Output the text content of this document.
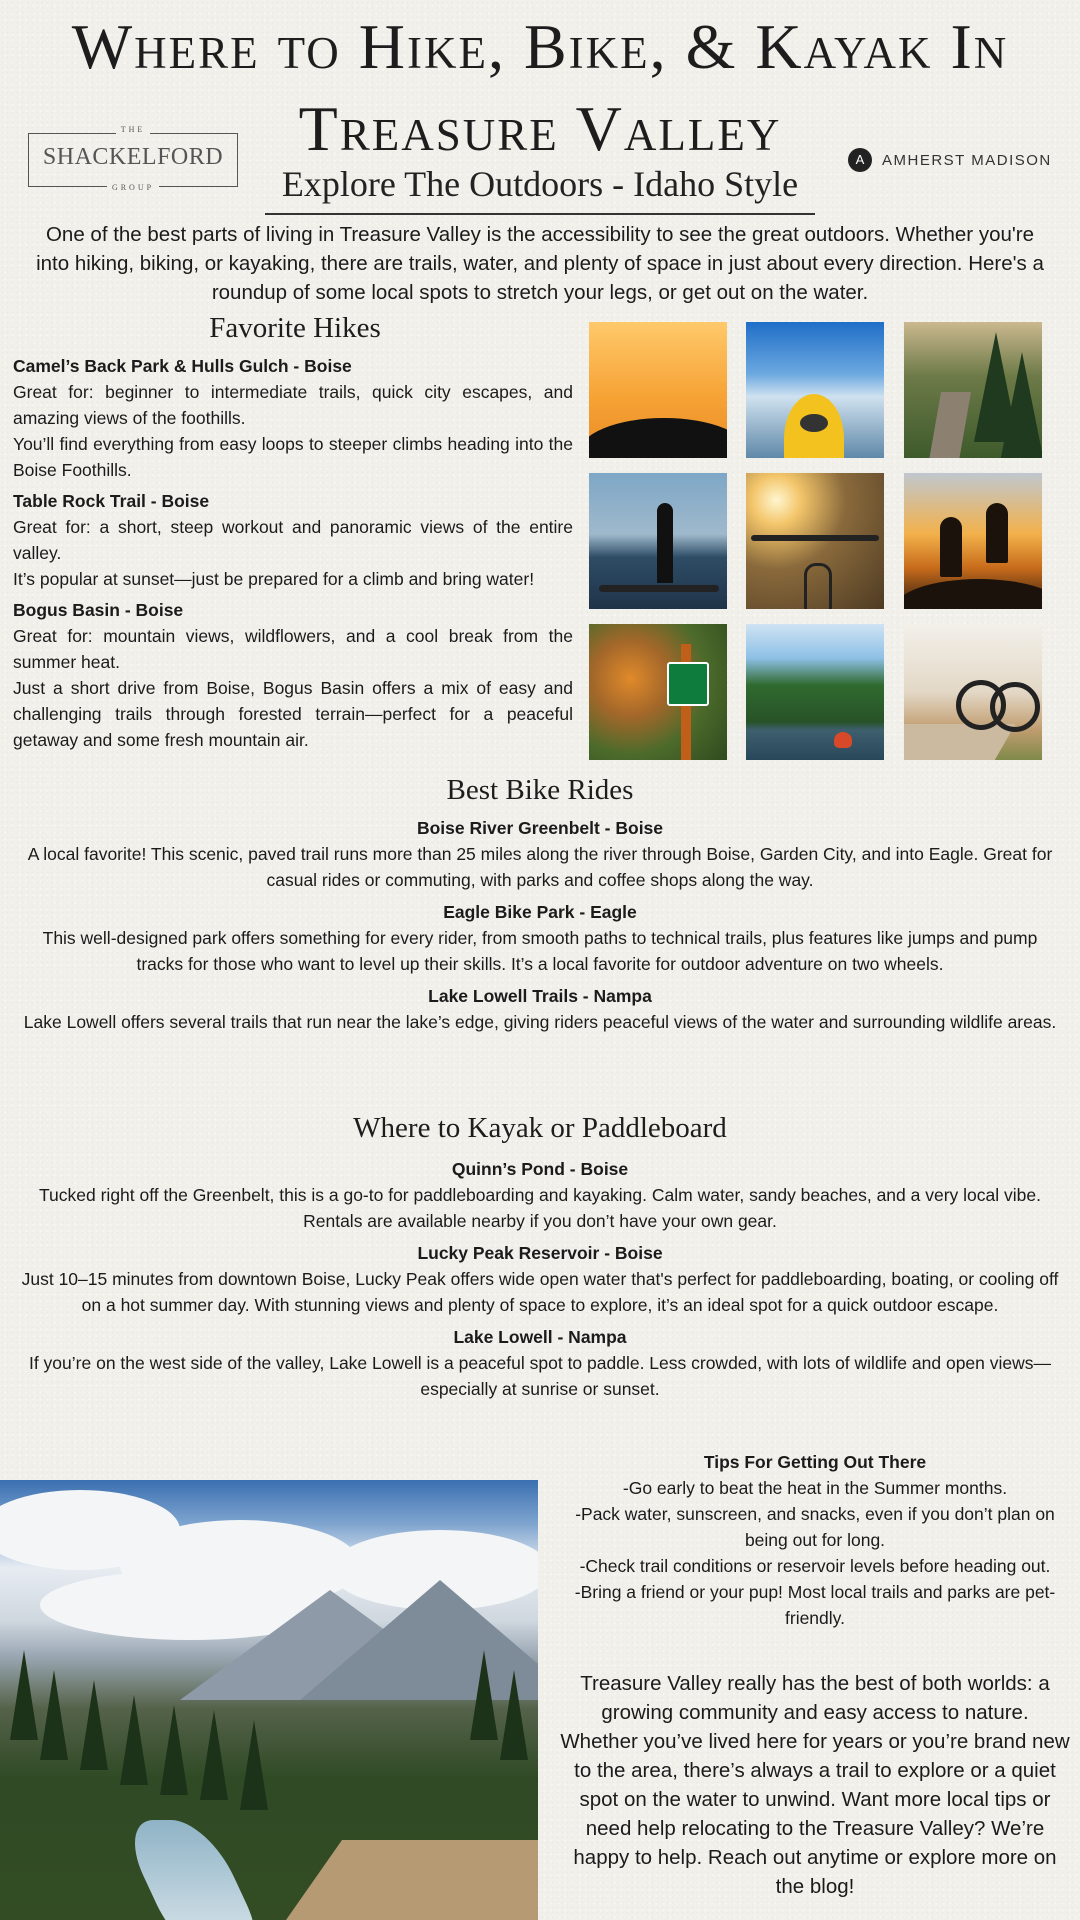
Where to Hike, Bike, & Kayak In Treasure Valley
THE
SHACKELFORD
GROUP
A	AMHERST MADISON
Explore The Outdoors - Idaho Style
One of the best parts of living in Treasure Valley is the accessibility to see the great outdoors. Whether you're into hiking, biking, or kayaking, there are trails, water, and plenty of space in just about every direction. Here's a roundup of some local spots to stretch your legs, or get out on the water.
Favorite Hikes
Camel’s Back Park & Hulls Gulch - Boise

Great for: beginner to intermediate trails, quick city escapes, and amazing views of the foothills.

You’ll find everything from easy loops to steeper climbs heading into the Boise Foothills.

Table Rock Trail - Boise

Great for: a short, steep workout and panoramic views of the entire valley.

It’s popular at sunset—just be prepared for a climb and bring water!

Bogus Basin - Boise

Great for: mountain views, wildflowers, and a cool break from the summer heat.

Just a short drive from Boise, Bogus Basin offers a mix of easy and challenging trails through forested terrain—perfect for a peaceful getaway and some fresh mountain air.

Best Bike Rides
Boise River Greenbelt - Boise
A local favorite! This scenic, paved trail runs more than 25 miles along the river through Boise, Garden City, and into Eagle. Great for casual rides or commuting, with parks and coffee shops along the way.
Eagle Bike Park - Eagle
This well-designed park offers something for every rider, from smooth paths to technical trails, plus features like jumps and pump tracks for those who want to level up their skills. It’s a local favorite for outdoor adventure on two wheels.
Lake Lowell Trails - Nampa
Lake Lowell offers several trails that run near the lake’s edge, giving riders peaceful views of the water and surrounding wildlife areas.
Where to Kayak or Paddleboard
Quinn’s Pond - Boise
Tucked right off the Greenbelt, this is a go-to for paddleboarding and kayaking. Calm water, sandy beaches, and a very local vibe. Rentals are available nearby if you don’t have your own gear.
Lucky Peak Reservoir - Boise
Just 10–15 minutes from downtown Boise, Lucky Peak offers wide open water that's perfect for paddleboarding, boating, or cooling off on a hot summer day. With stunning views and plenty of space to explore, it’s an ideal spot for a quick outdoor escape.
Lake Lowell - Nampa
If you’re on the west side of the valley, Lake Lowell is a peaceful spot to paddle. Less crowded, with lots of wildlife and open views—especially at sunrise or sunset.
Tips For Getting Out There

-Go early to beat the heat in the Summer months.

-Pack water, sunscreen, and snacks, even if you don’t plan on being out for long.

-Check trail conditions or reservoir levels before heading out.

-Bring a friend or your pup! Most local trails and parks are pet-friendly.

Treasure Valley really has the best of both worlds: a growing community and easy access to nature. Whether you’ve lived here for years or you’re brand new to the area, there’s always a trail to explore or a quiet spot on the water to unwind. Want more local tips or need help relocating to the Treasure Valley? We’re happy to help. Reach out anytime or explore more on the blog!
